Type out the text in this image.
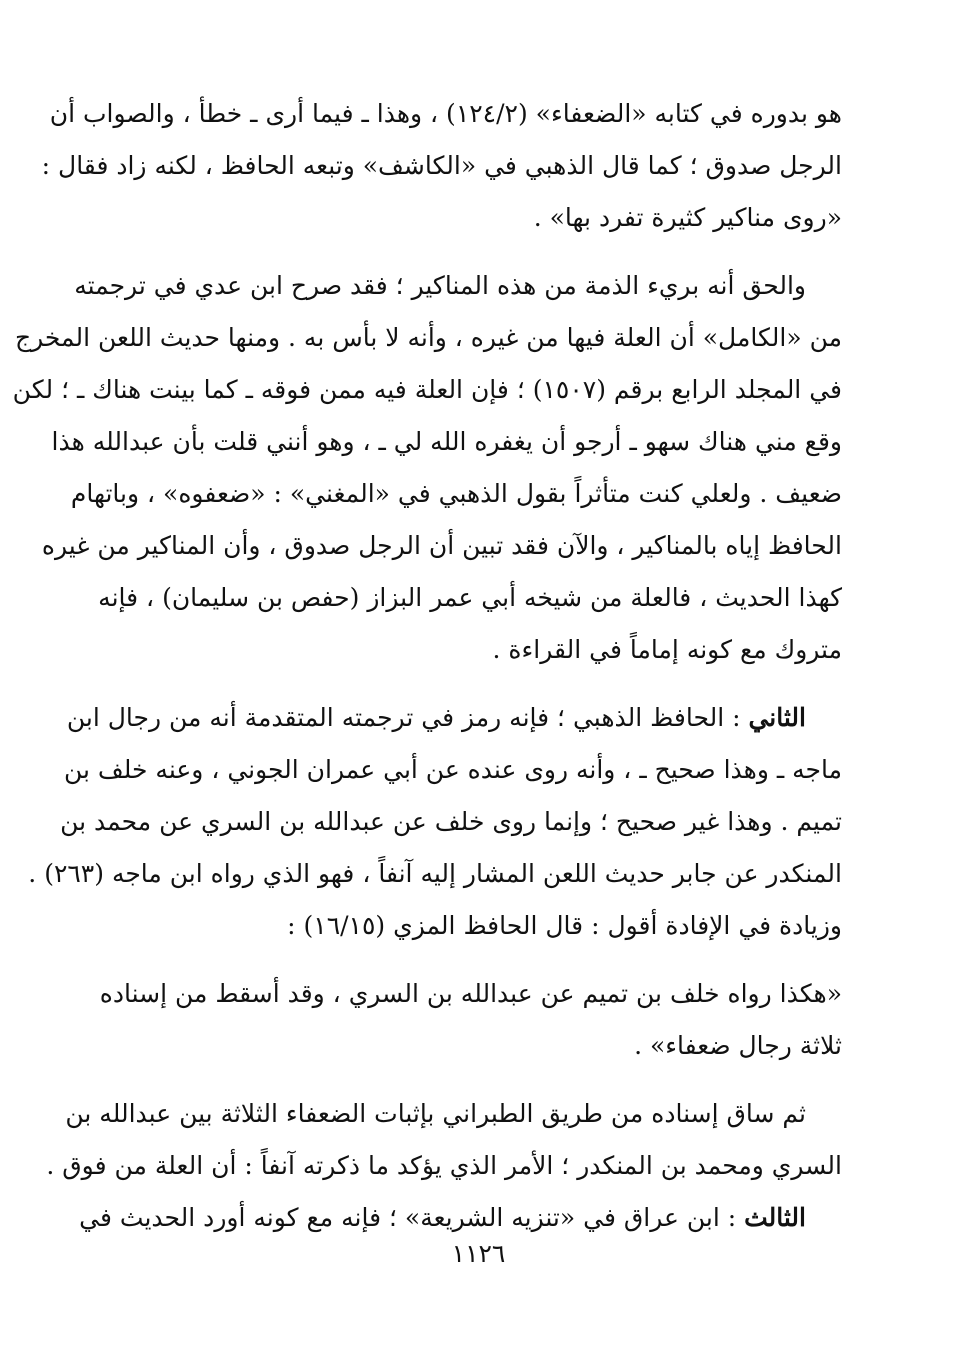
هو بدوره في كتابه «الضعفاء» (١٢٤/٢) ، وهذا ـ فيما أرى ـ خطأ ، والصواب أن
الرجل صدوق ؛ كما قال الذهبي في «الكاشف» وتبعه الحافظ ، لكنه زاد فقال :
«روى مناكير كثيرة تفرد بها» .
والحق أنه بريء الذمة من هذه المناكير ؛ فقد صرح ابن عدي في ترجمته
من «الكامل» أن العلة فيها من غيره ، وأنه لا بأس به . ومنها حديث اللعن المخرج
في المجلد الرابع برقم (١٥٠٧) ؛ فإن العلة فيه ممن فوقه ـ كما بينت هناك ـ ؛ لكن
وقع مني هناك سهو ـ أرجو أن يغفره الله لي ـ ، وهو أنني قلت بأن عبدالله هذا
ضعيف . ولعلي كنت متأثراً بقول الذهبي في «المغني» : «ضعفوه» ، وباتهام
الحافظ إياه بالمناكير ، والآن فقد تبين أن الرجل صدوق ، وأن المناكير من غيره
كهذا الحديث ، فالعلة من شيخه أبي عمر البزاز (حفص بن سليمان) ، فإنه
متروك مع كونه إماماً في القراءة .
الثاني : الحافظ الذهبي ؛ فإنه رمز في ترجمته المتقدمة أنه من رجال ابن
ماجه ـ وهذا صحيح ـ ، وأنه روى عنده عن أبي عمران الجوني ، وعنه خلف بن
تميم . وهذا غير صحيح ؛ وإنما روى خلف عن عبدالله بن السري عن محمد بن
المنكدر عن جابر حديث اللعن المشار إليه آنفاً ، فهو الذي رواه ابن ماجه (٢٦٣) .
وزيادة في الإفادة أقول : قال الحافظ المزي (١٦/١٥) :
«هكذا رواه خلف بن تميم عن عبدالله بن السري ، وقد أسقط من إسناده
ثلاثة رجال ضعفاء» .
ثم ساق إسناده من طريق الطبراني بإثبات الضعفاء الثلاثة بين عبدالله بن
السري ومحمد بن المنكدر ؛ الأمر الذي يؤكد ما ذكرته آنفاً : أن العلة من فوق .
الثالث : ابن عراق في «تنزيه الشريعة» ؛ فإنه مع كونه أورد الحديث في
١١٢٦
